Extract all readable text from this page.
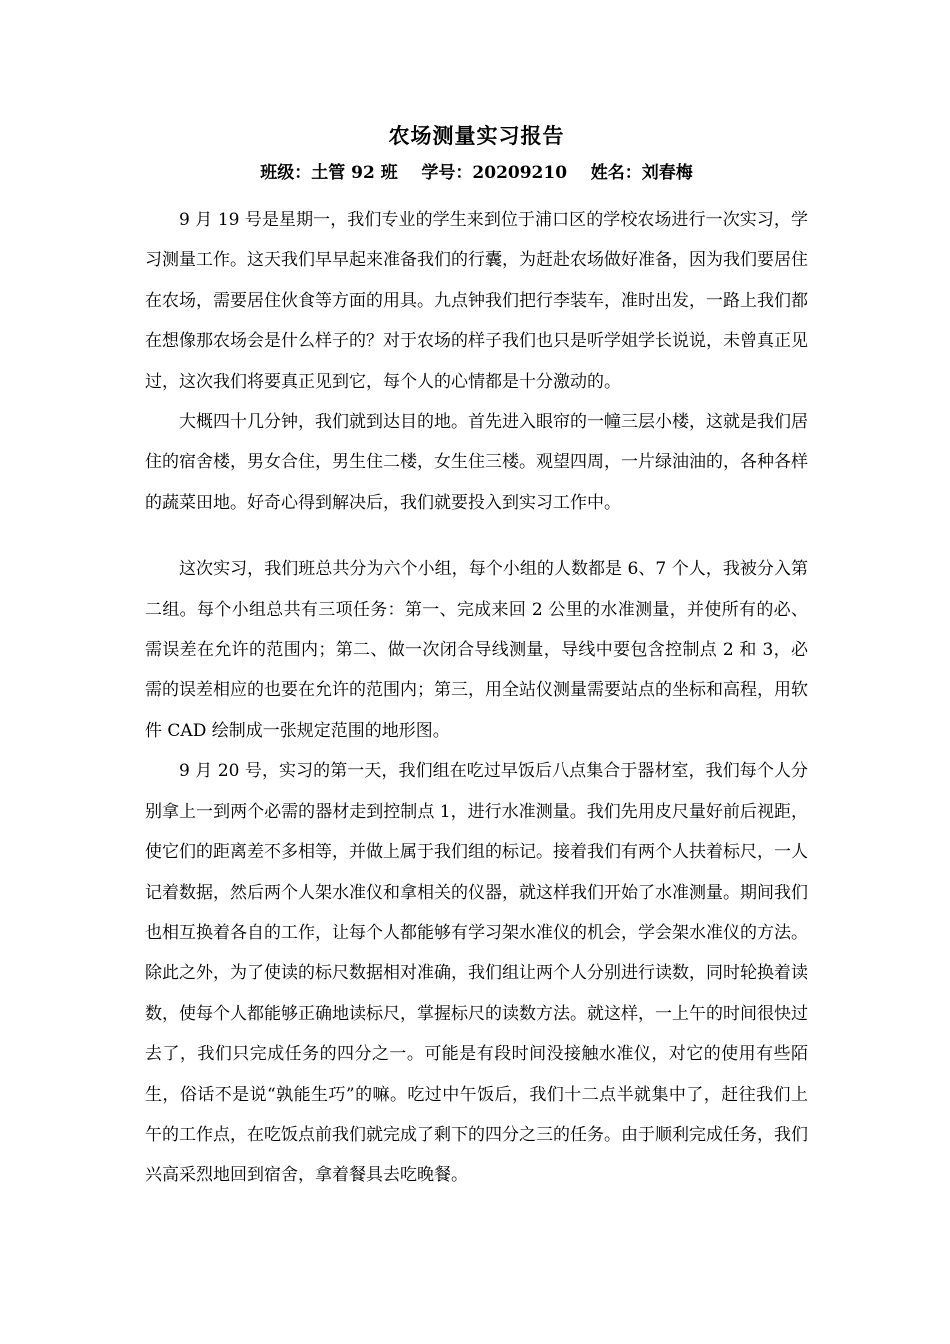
农场测量实习报告
班级：土管 92 班    学号：20209210    姓名：刘春梅

9 月 19 号是星期一，我们专业的学生来到位于浦口区的学校农场进行一次实习，学习测量工作。这天我们早早起来准备我们的行囊，为赶赴农场做好准备，因为我们要居住在农场，需要居住伙食等方面的用具。九点钟我们把行李装车，准时出发，一路上我们都在想像那农场会是什么样子的？对于农场的样子我们也只是听学姐学长说说，未曾真正见过，这次我们将要真正见到它，每个人的心情都是十分激动的。

大概四十几分钟，我们就到达目的地。首先进入眼帘的一幢三层小楼，这就是我们居住的宿舍楼，男女合住，男生住二楼，女生住三楼。观望四周，一片绿油油的，各种各样的蔬菜田地。好奇心得到解决后，我们就要投入到实习工作中。

这次实习，我们班总共分为六个小组，每个小组的人数都是 6、7 个人，我被分入第二组。每个小组总共有三项任务：第一、完成来回 2 公里的水准测量，并使所有的必、需误差在允许的范围内；第二、做一次闭合导线测量，导线中要包含控制点 2 和 3，必需的误差相应的也要在允许的范围内；第三，用全站仪测量需要站点的坐标和高程，用软件 CAD 绘制成一张规定范围的地形图。

9 月 20 号，实习的第一天，我们组在吃过早饭后八点集合于器材室，我们每个人分别拿上一到两个必需的器材走到控制点 1，进行水准测量。我们先用皮尺量好前后视距，使它们的距离差不多相等，并做上属于我们组的标记。接着我们有两个人扶着标尺，一人记着数据，然后两个人架水准仪和拿相关的仪器，就这样我们开始了水准测量。期间我们也相互换着各自的工作，让每个人都能够有学习架水准仪的机会，学会架水准仪的方法。除此之外，为了使读的标尺数据相对准确，我们组让两个人分别进行读数，同时轮换着读数，使每个人都能够正确地读标尺，掌握标尺的读数方法。就这样，一上午的时间很快过去了，我们只完成任务的四分之一。可能是有段时间没接触水准仪，对它的使用有些陌生，俗话不是说“孰能生巧”的嘛。吃过中午饭后，我们十二点半就集中了，赶往我们上午的工作点，在吃饭点前我们就完成了剩下的四分之三的任务。由于顺利完成任务，我们兴高采烈地回到宿舍，拿着餐具去吃晚餐。
